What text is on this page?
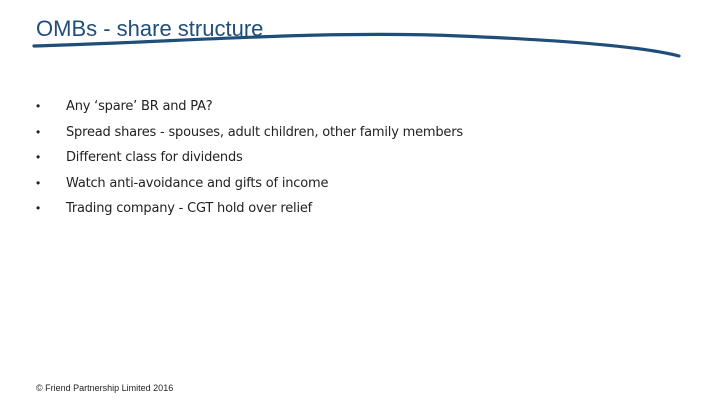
OMBs - share structure
• Any ‘spare’ BR and PA?
• Spread shares - spouses, adult children, other family members
• Different class for dividends
• Watch anti-avoidance and gifts of income
• Trading company - CGT hold over relief
© Friend Partnership Limited 2016
